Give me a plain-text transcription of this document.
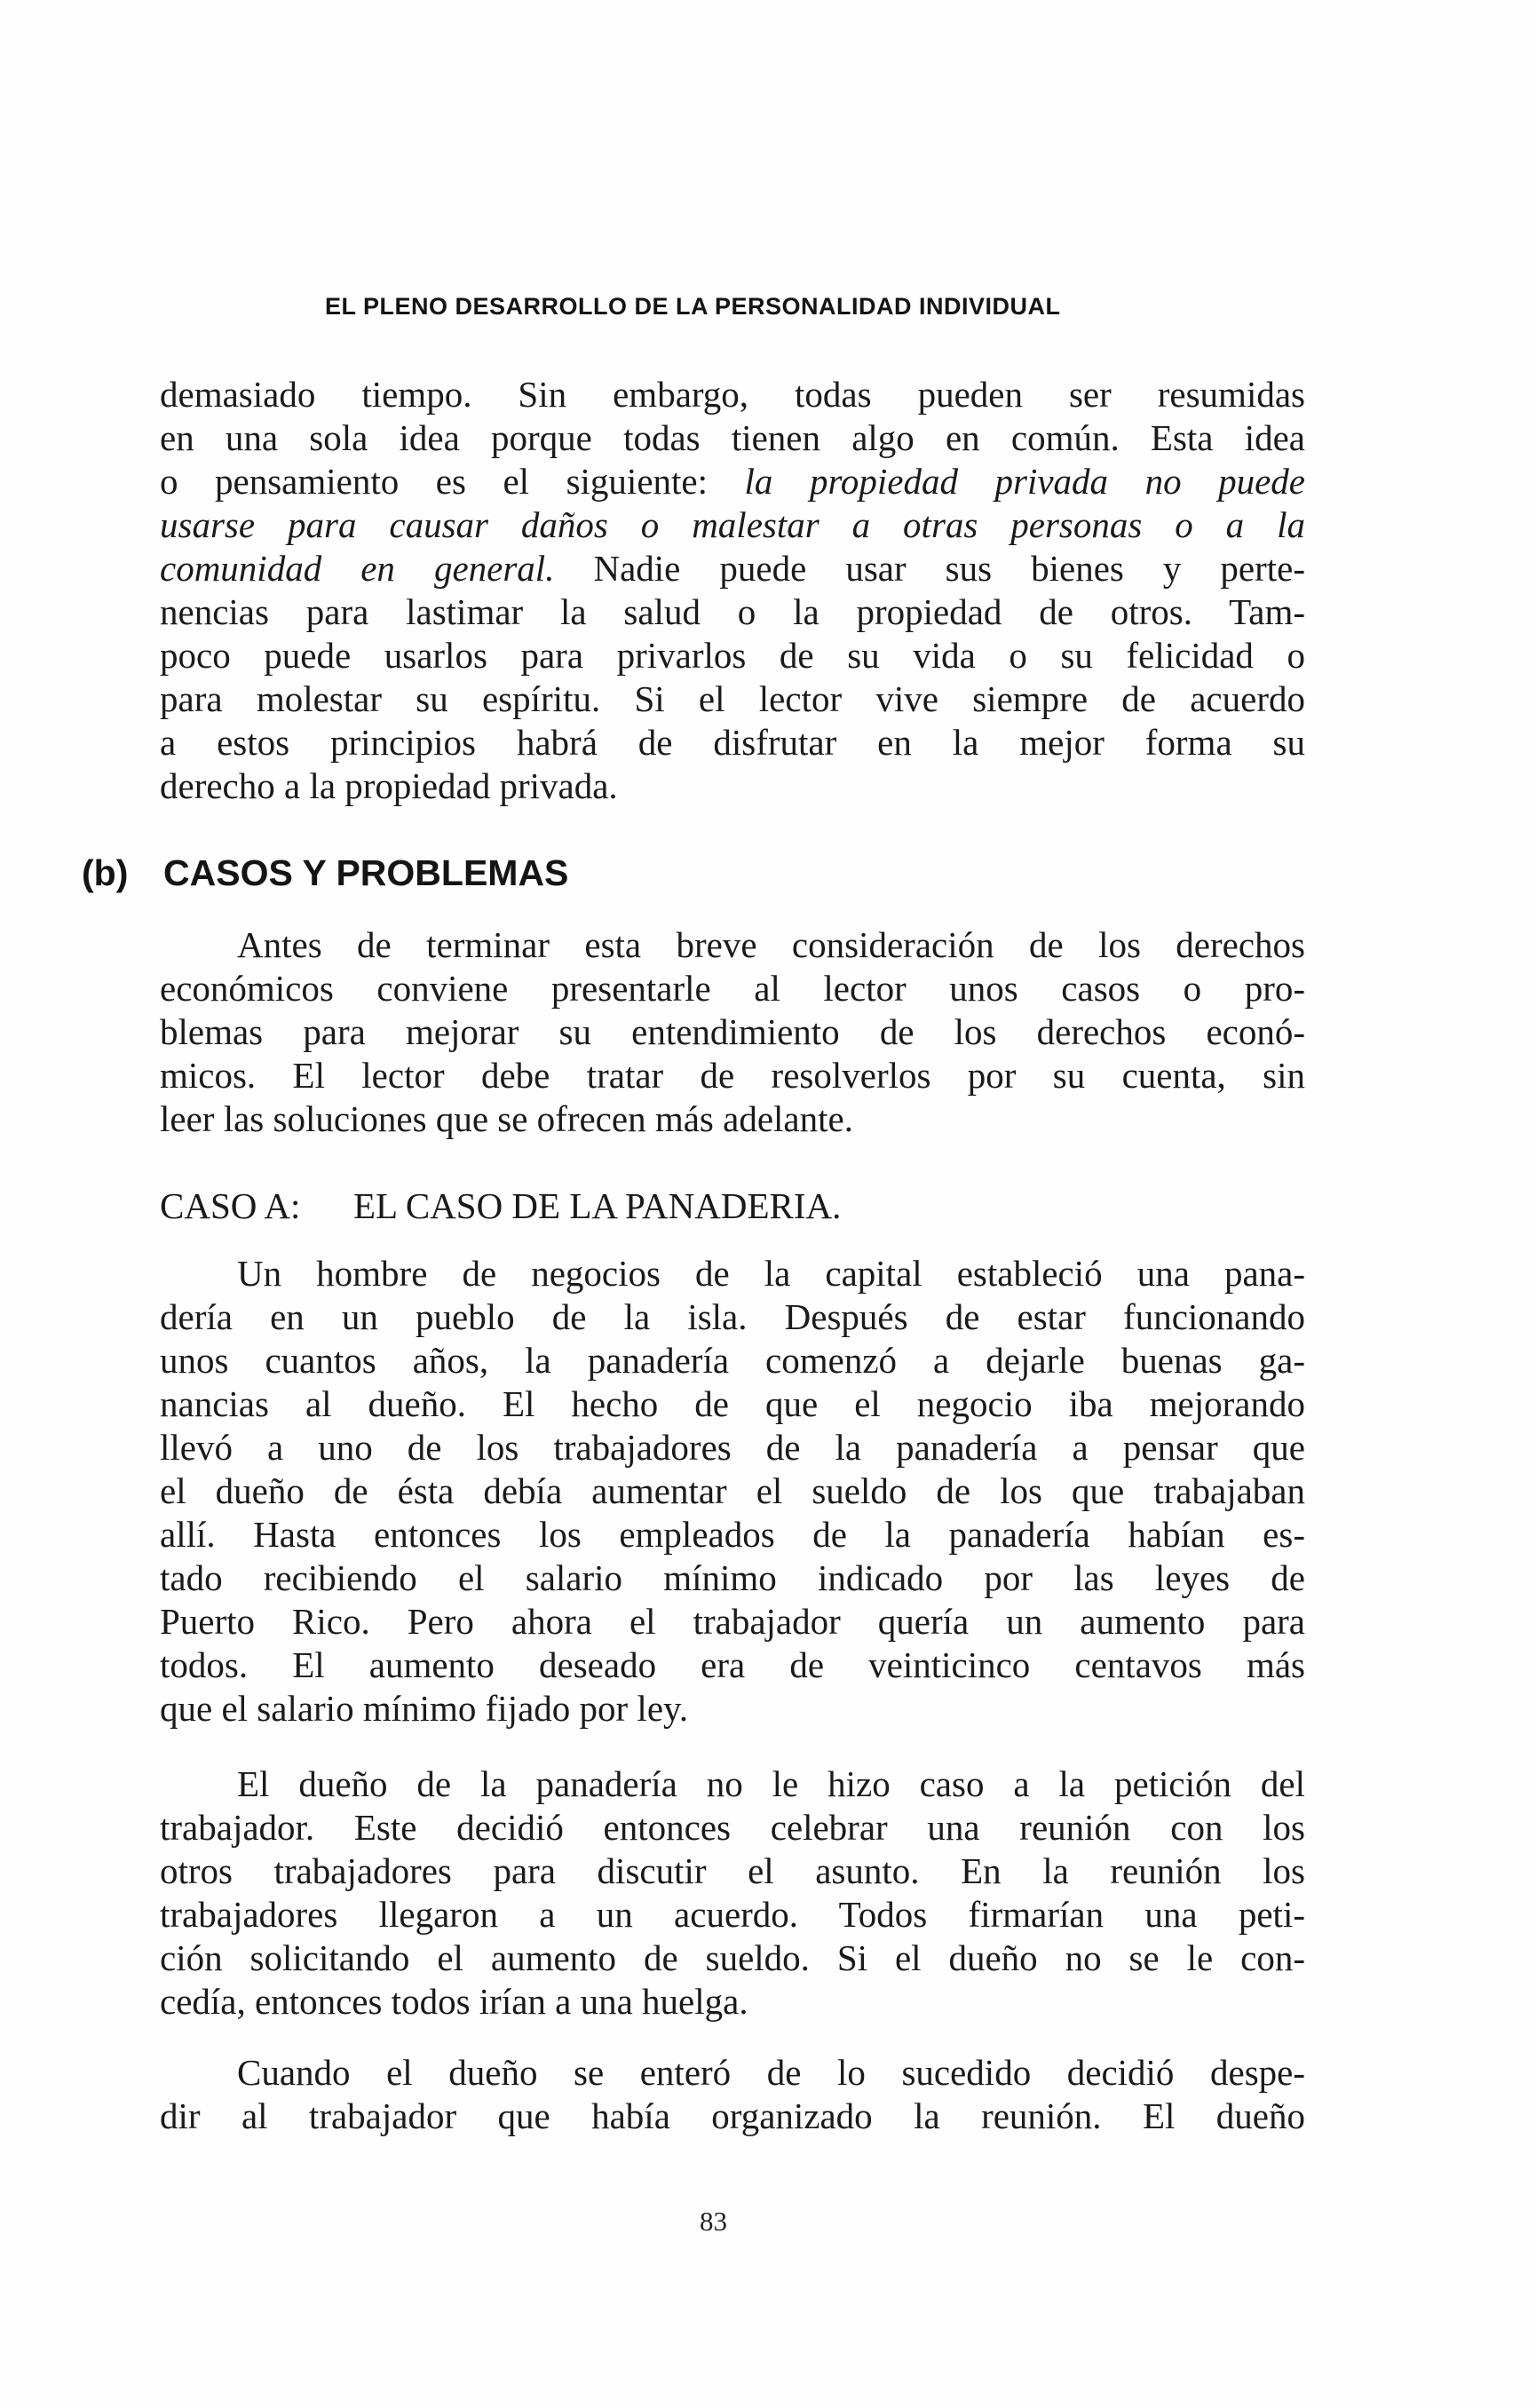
EL PLENO DESARROLLO DE LA PERSONALIDAD INDIVIDUAL
demasiado tiempo. Sin embargo, todas pueden ser resumidas
en una sola idea porque todas tienen algo en común. Esta idea
o pensamiento es el siguiente: la propiedad privada no puede
usarse para causar daños o malestar a otras personas o a la
comunidad en general. Nadie puede usar sus bienes y perte-
nencias para lastimar la salud o la propiedad de otros. Tam-
poco puede usarlos para privarlos de su vida o su felicidad o
para molestar su espíritu. Si el lector vive siempre de acuerdo
a estos principios habrá de disfrutar en la mejor forma su
derecho a la propiedad privada.
(b) CASOS Y PROBLEMAS
Antes de terminar esta breve consideración de los derechos
económicos conviene presentarle al lector unos casos o pro-
blemas para mejorar su entendimiento de los derechos econó-
micos. El lector debe tratar de resolverlos por su cuenta, sin
leer las soluciones que se ofrecen más adelante.
CASO A: EL CASO DE LA PANADERIA.
Un hombre de negocios de la capital estableció una pana-
dería en un pueblo de la isla. Después de estar funcionando
unos cuantos años, la panadería comenzó a dejarle buenas ga-
nancias al dueño. El hecho de que el negocio iba mejorando
llevó a uno de los trabajadores de la panadería a pensar que
el dueño de ésta debía aumentar el sueldo de los que trabajaban
allí. Hasta entonces los empleados de la panadería habían es-
tado recibiendo el salario mínimo indicado por las leyes de
Puerto Rico. Pero ahora el trabajador quería un aumento para
todos. El aumento deseado era de veinticinco centavos más
que el salario mínimo fijado por ley.
El dueño de la panadería no le hizo caso a la petición del
trabajador. Este decidió entonces celebrar una reunión con los
otros trabajadores para discutir el asunto. En la reunión los
trabajadores llegaron a un acuerdo. Todos firmarían una peti-
ción solicitando el aumento de sueldo. Si el dueño no se le con-
cedía, entonces todos irían a una huelga.
Cuando el dueño se enteró de lo sucedido decidió despe-
dir al trabajador que había organizado la reunión. El dueño
83
